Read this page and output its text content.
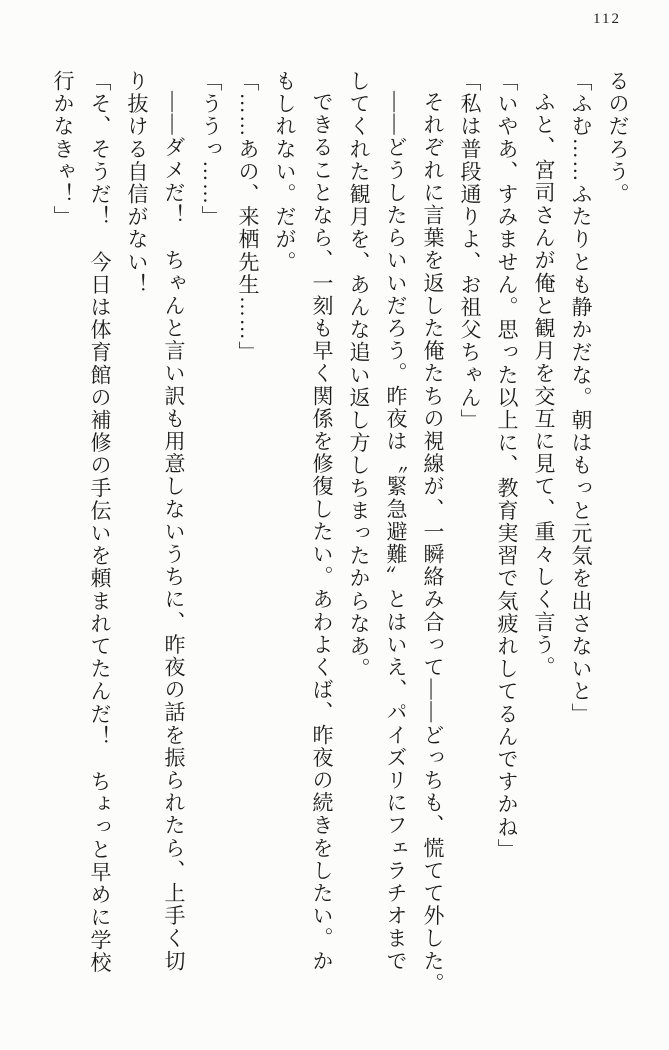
112

るのだろう。

「ふむ……ふたりとも静かだな。朝はもっと元気を出さないと」

ふと、宮司さんが俺と観月を交互に見て、重々しく言う。

「いやあ、すみません。思った以上に、教育実習で気疲れしてるんですかね」

「私は普段通りよ、お祖父ちゃん」

それぞれに言葉を返した俺たちの視線が、一瞬絡み合って――どっちも、慌てて外した。

――どうしたらいいだろう。昨夜は〝緊急避難〟とはいえ、パイズリにフェラチオまで

してくれた観月を、あんな追い返し方しちまったからなあ。

できることなら、一刻も早く関係を修復したい。あわよくば、昨夜の続きをしたい。か

もしれない。だが。

「……あの、来栖先生……」

「ううっ……」

――ダメだ！　ちゃんと言い訳も用意しないうちに、昨夜の話を振られたら、上手く切

り抜ける自信がない！

「そ、そうだ！　今日は体育館の補修の手伝いを頼まれてたんだ！　ちょっと早めに学校

行かなきゃ！」
